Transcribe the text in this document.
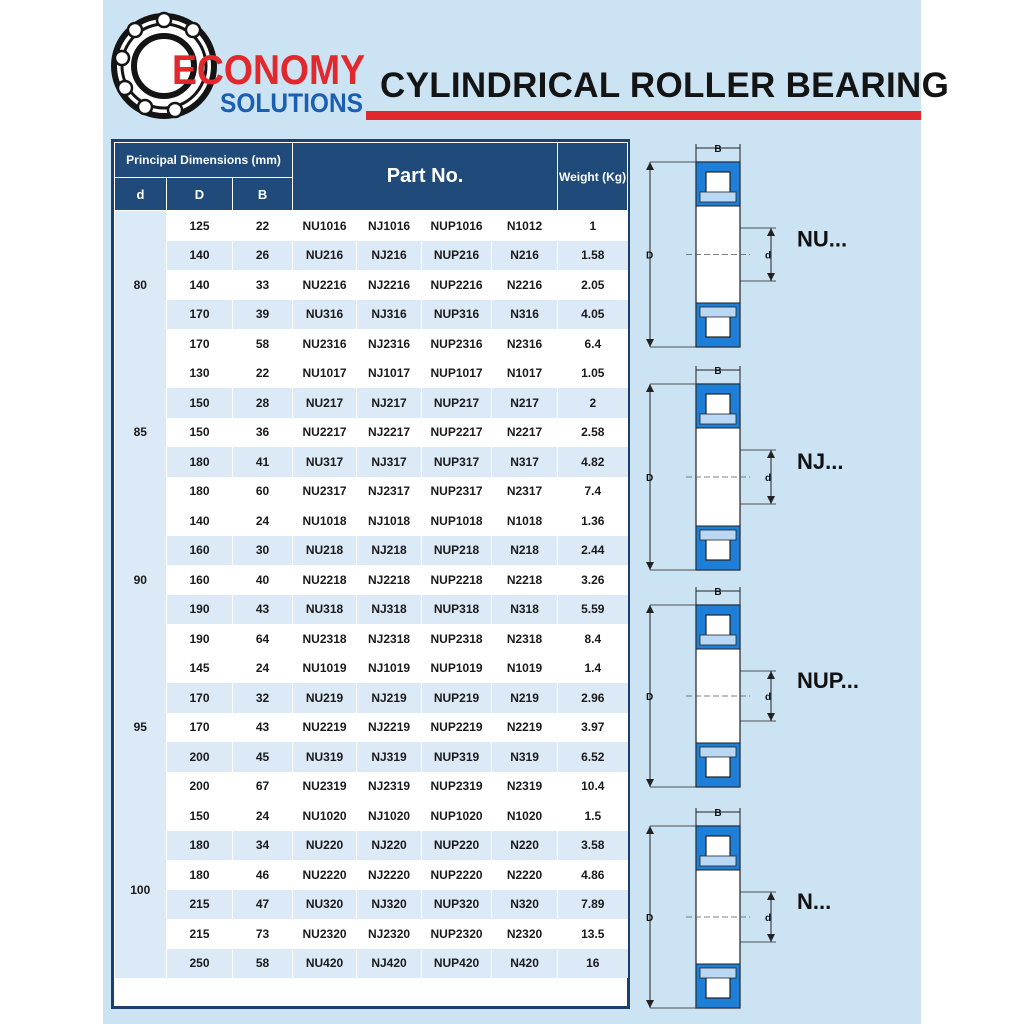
ECONOMY
SOLUTIONS CYLINDRICAL ROLLER BEARING
Principal Dimensions (mm)			Part No.				Weight (Kg)
d	D	B					
80	125	22	NU1016	NJ1016	NUP1016	N1012	1
	140	26	NU216	NJ216	NUP216	N216	1.58
	140	33	NU2216	NJ2216	NUP2216	N2216	2.05
	170	39	NU316	NJ316	NUP316	N316	4.05
	170	58	NU2316	NJ2316	NUP2316	N2316	6.4
85	130	22	NU1017	NJ1017	NUP1017	N1017	1.05
	150	28	NU217	NJ217	NUP217	N217	2
	150	36	NU2217	NJ2217	NUP2217	N2217	2.58
	180	41	NU317	NJ317	NUP317	N317	4.82
	180	60	NU2317	NJ2317	NUP2317	N2317	7.4
90	140	24	NU1018	NJ1018	NUP1018	N1018	1.36
	160	30	NU218	NJ218	NUP218	N218	2.44
	160	40	NU2218	NJ2218	NUP2218	N2218	3.26
	190	43	NU318	NJ318	NUP318	N318	5.59
	190	64	NU2318	NJ2318	NUP2318	N2318	8.4
95	145	24	NU1019	NJ1019	NUP1019	N1019	1.4
	170	32	NU219	NJ219	NUP219	N219	2.96
	170	43	NU2219	NJ2219	NUP2219	N2219	3.97
	200	45	NU319	NJ319	NUP319	N319	6.52
	200	67	NU2319	NJ2319	NUP2319	N2319	10.4
100	150	24	NU1020	NJ1020	NUP1020	N1020	1.5
	180	34	NU220	NJ220	NUP220	N220	3.58
	180	46	NU2220	NJ2220	NUP2220	N2220	4.86
	215	47	NU320	NJ320	NUP320	N320	7.89
	215	73	NU2320	NJ2320	NUP2320	N2320	13.5
	250	58	NU420	NJ420	NUP420	N420	16
B
D	d
NU...
B
D	d
NJ...
B
D	d
NUP...
B
D	d
N...
